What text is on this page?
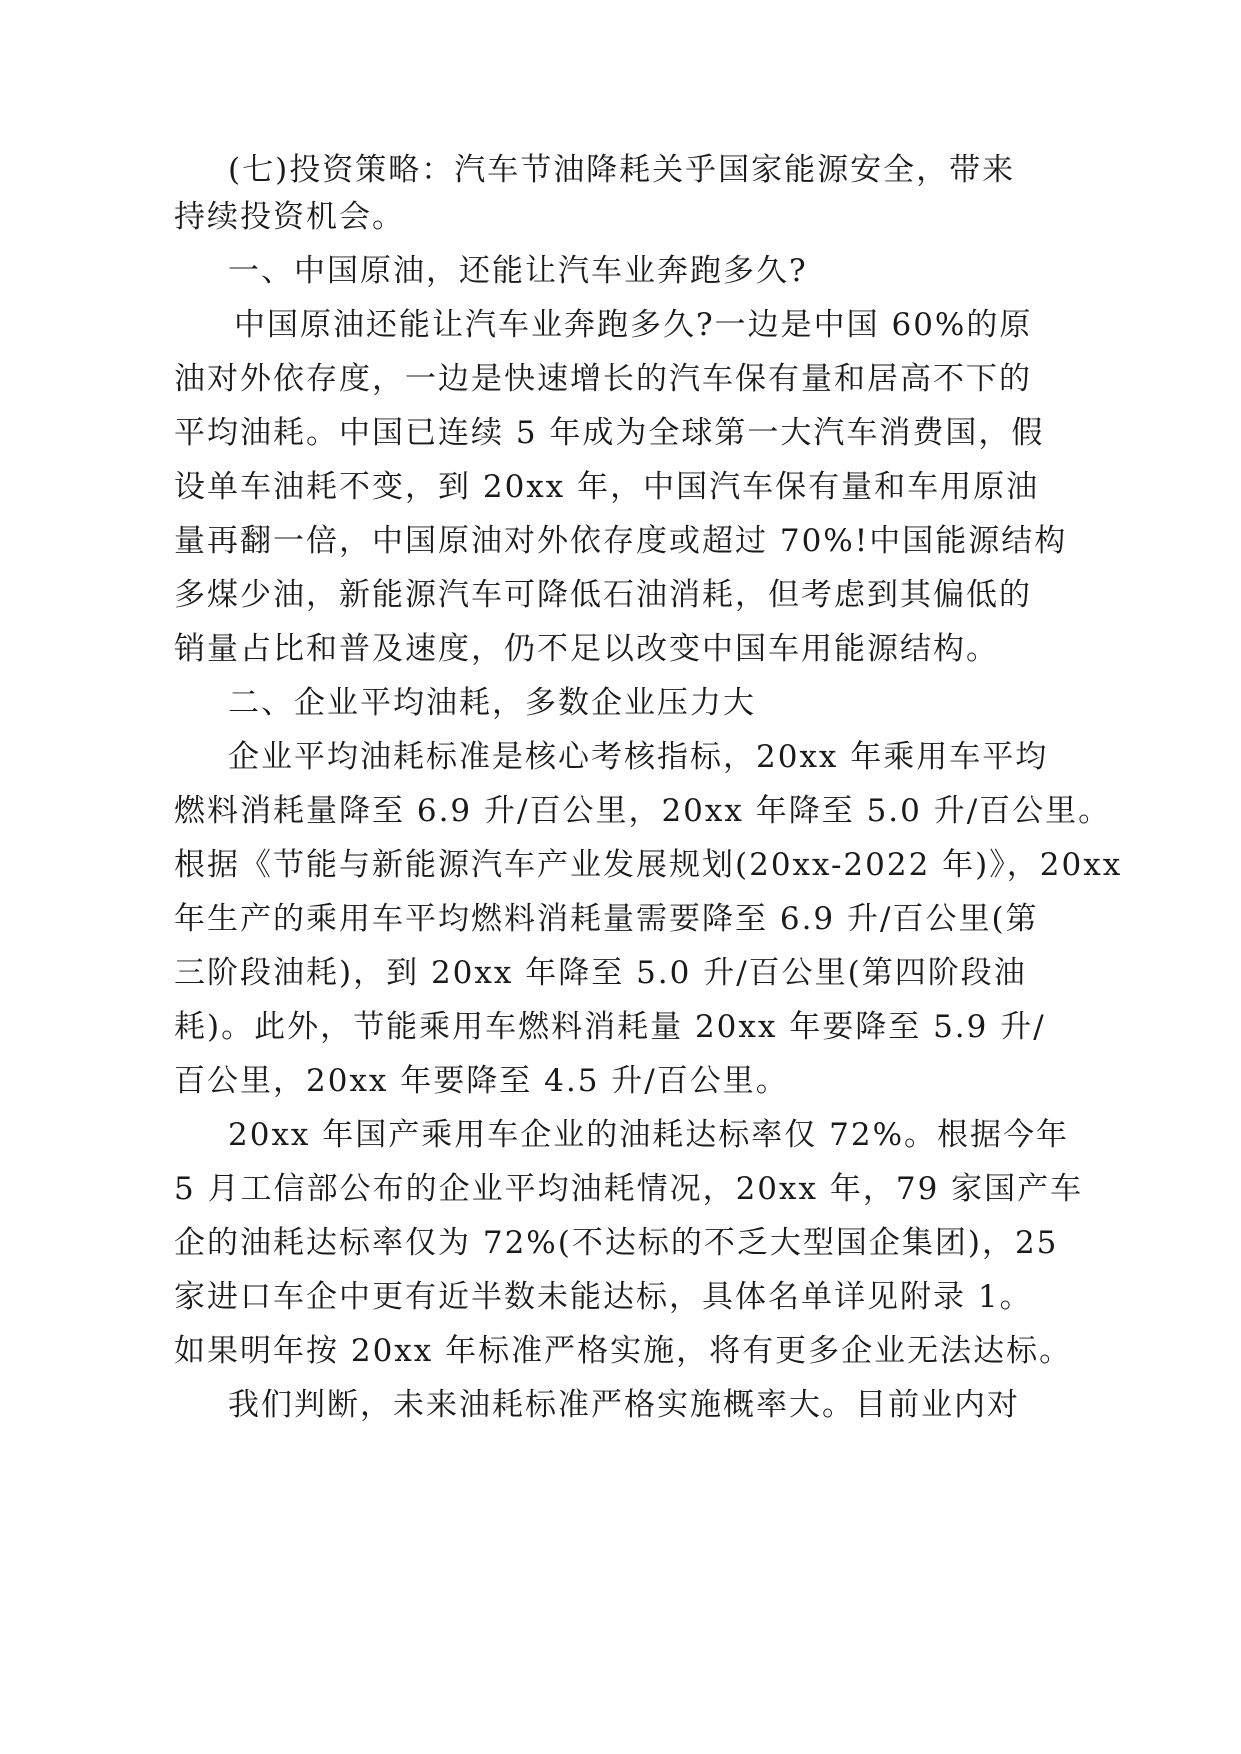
(七)投资策略：汽车节油降耗关乎国家能源安全，带来
持续投资机会。
一、中国原油，还能让汽车业奔跑多久?
中国原油还能让汽车业奔跑多久?一边是中国 60%的原
油对外依存度，一边是快速增长的汽车保有量和居高不下的
平均油耗。中国已连续 5 年成为全球第一大汽车消费国，假
设单车油耗不变，到 20xx 年，中国汽车保有量和车用原油
量再翻一倍，中国原油对外依存度或超过 70%!中国能源结构
多煤少油，新能源汽车可降低石油消耗，但考虑到其偏低的
销量占比和普及速度，仍不足以改变中国车用能源结构。
二、企业平均油耗，多数企业压力大
企业平均油耗标准是核心考核指标，20xx 年乘用车平均
燃料消耗量降至 6.9 升/百公里，20xx 年降至 5.0 升/百公里。
根据《节能与新能源汽车产业发展规划(20xx-2022 年)》，20xx
年生产的乘用车平均燃料消耗量需要降至 6.9 升/百公里(第
三阶段油耗)，到 20xx 年降至 5.0 升/百公里(第四阶段油
耗)。此外，节能乘用车燃料消耗量 20xx 年要降至 5.9 升/
百公里，20xx 年要降至 4.5 升/百公里。
20xx 年国产乘用车企业的油耗达标率仅 72%。根据今年
5 月工信部公布的企业平均油耗情况，20xx 年，79 家国产车
企的油耗达标率仅为 72%(不达标的不乏大型国企集团)，25
家进口车企中更有近半数未能达标，具体名单详见附录 1。
如果明年按 20xx 年标准严格实施，将有更多企业无法达标。
我们判断，未来油耗标准严格实施概率大。目前业内对
